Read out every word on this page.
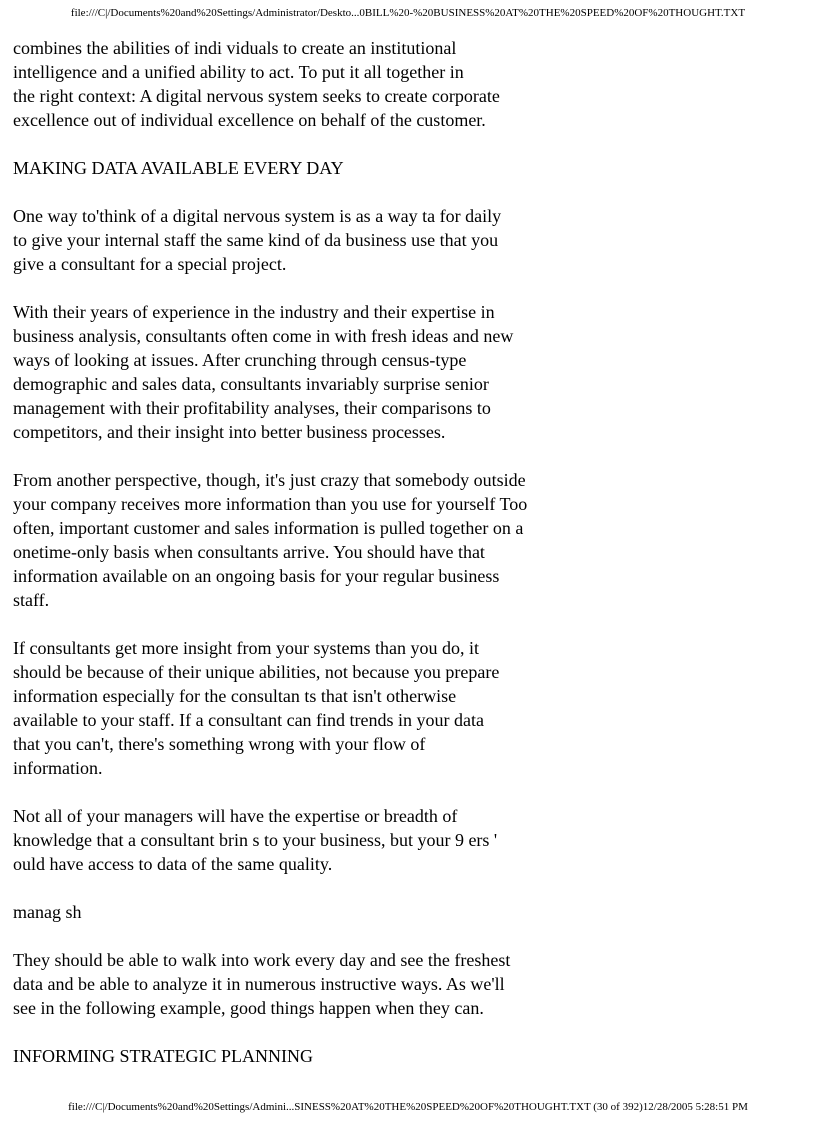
file:///C|/Documents%20and%20Settings/Administrator/Deskto...0BILL%20-%20BUSINESS%20AT%20THE%20SPEED%20OF%20THOUGHT.TXT

combines the abilities of indi viduals to create an institutional
intelligence and a unified ability to act. To put it all together in
the right context: A digital nervous system seeks to create corporate
excellence out of individual excellence on behalf of the customer.

MAKING DATA AVAILABLE EVERY DAY

One way to'think of a digital nervous system is as a way ta for daily
to give your internal staff the same kind of da business use that you
give a consultant for a special project.

With their years of experience in the industry and their expertise in
business analysis, consultants often come in with fresh ideas and new
ways of looking at issues. After crunching through census-type
demographic and sales data, consultants invariably surprise senior
management with their profitability analyses, their comparisons to
competitors, and their insight into better business processes.

From another perspective, though, it's just crazy that somebody outside
your company receives more information than you use for yourself Too
often, important customer and sales information is pulled together on a
onetime-only basis when consultants arrive. You should have that
information available on an ongoing basis for your regular business
staff.

If consultants get more insight from your systems than you do, it
should be because of their unique abilities, not because you prepare
information especially for the consultan ts that isn't otherwise
available to your staff. If a consultant can find trends in your data
that you can't, there's something wrong with your flow of
information.

Not all of your managers will have the expertise or breadth of
knowledge that a consultant brin s to your business, but your 9 ers '
ould have access to data of the same quality.

manag sh

They should be able to walk into work every day and see the freshest
data and be able to analyze it in numerous instructive ways. As we'll
see in the following example, good things happen when they can.

INFORMING STRATEGIC PLANNING

file:///C|/Documents%20and%20Settings/Admini...SINESS%20AT%20THE%20SPEED%20OF%20THOUGHT.TXT (30 of 392)12/28/2005 5:28:51 PM
